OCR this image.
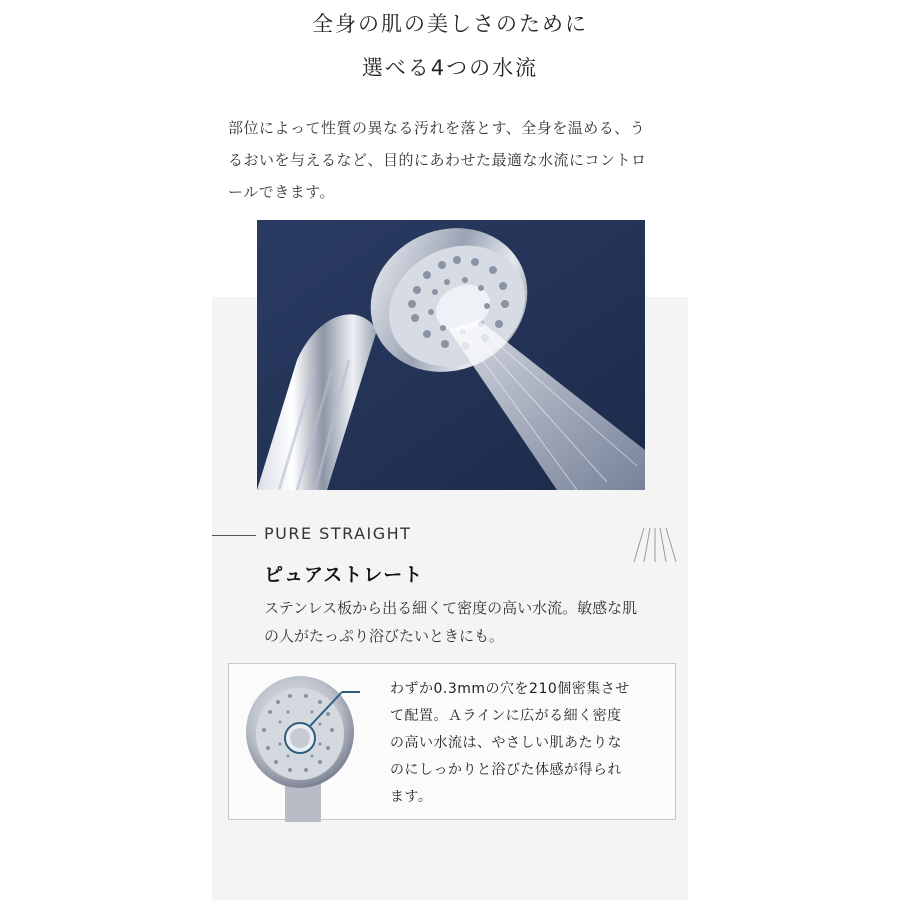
全身の肌の美しさのために
選べる4つの水流
部位によって性質の異なる汚れを落とす、全身を温める、う
るおいを与えるなど、目的にあわせた最適な水流にコントロ
ールできます。
PURE STRAIGHT
ピュアストレート
ステンレス板から出る細くて密度の高い水流。敏感な肌
の人がたっぷり浴びたいときにも。
わずか0.3mmの穴を210個密集させ
て配置。Ａラインに広がる細く密度
の高い水流は、やさしい肌あたりな
のにしっかりと浴びた体感が得られ
ます。
